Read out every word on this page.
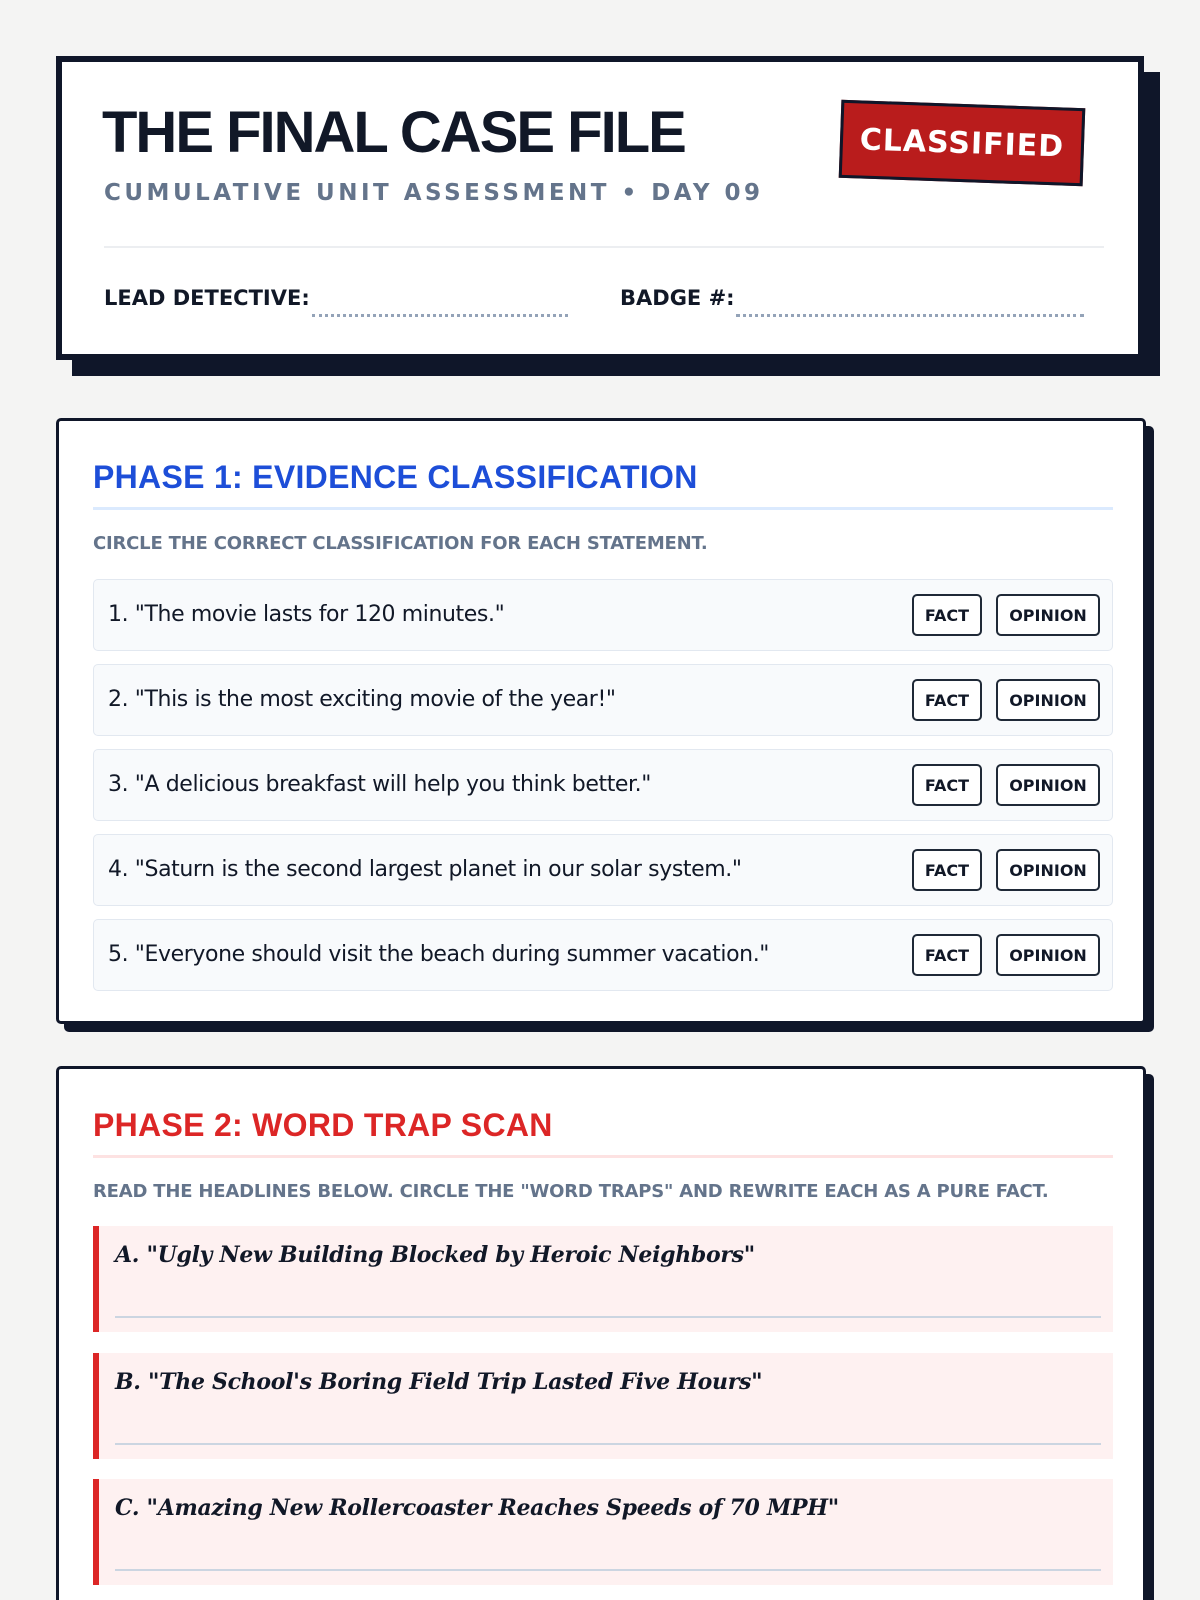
THE FINAL CASE FILE
CUMULATIVE UNIT ASSESSMENT • DAY 09
CLASSIFIED
LEAD DETECTIVE:	BADGE #:
PHASE 1: EVIDENCE CLASSIFICATION
CIRCLE THE CORRECT CLASSIFICATION FOR EACH STATEMENT.
1. "The movie lasts for 120 minutes."	FACT	OPINION
2. "This is the most exciting movie of the year!"	FACT	OPINION
3. "A delicious breakfast will help you think better."	FACT	OPINION
4. "Saturn is the second largest planet in our solar system."	FACT	OPINION
5. "Everyone should visit the beach during summer vacation."	FACT	OPINION
PHASE 2: WORD TRAP SCAN
READ THE HEADLINES BELOW. CIRCLE THE "WORD TRAPS" AND REWRITE EACH AS A PURE FACT.
A. "Ugly New Building Blocked by Heroic Neighbors"
B. "The School's Boring Field Trip Lasted Five Hours"
C. "Amazing New Rollercoaster Reaches Speeds of 70 MPH"
